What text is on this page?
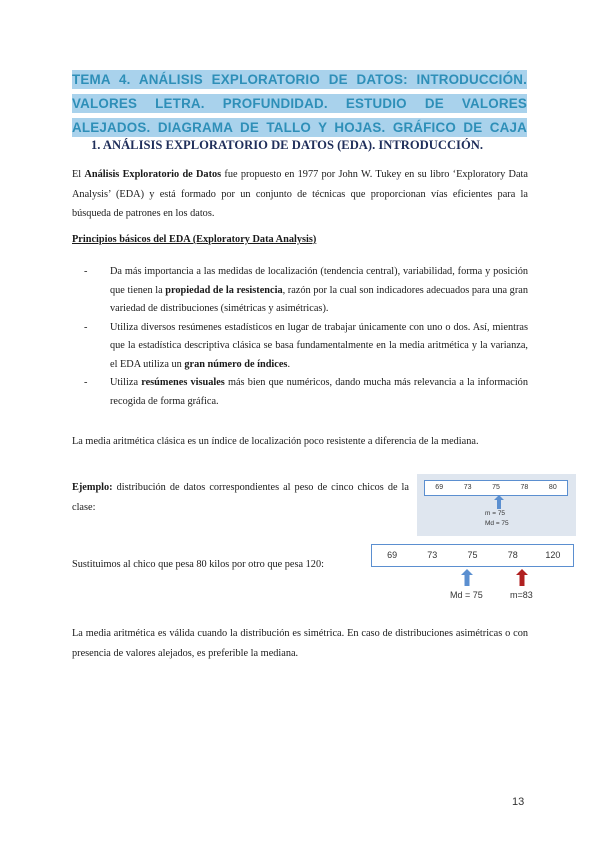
TEMA 4. ANÁLISIS EXPLORATORIO DE DATOS: INTRODUCCIÓN.
VALORES LETRA. PROFUNDIDAD. ESTUDIO DE VALORES
ALEJADOS. DIAGRAMA DE TALLO Y HOJAS. GRÁFICO DE CAJA
1. ANÁLISIS EXPLORATORIO DE DATOS (EDA). INTRODUCCIÓN.
El Análisis Exploratorio de Datos fue propuesto en 1977 por John W. Tukey en su libro ‘Exploratory Data Analysis’ (EDA) y está formado por un conjunto de técnicas que proporcionan vías eficientes para la búsqueda de patrones en los datos.
Principios básicos del EDA (Exploratory Data Analysis)
- Da más importancia a las medidas de localización (tendencia central), variabilidad, forma y posición que tienen la propiedad de la resistencia, razón por la cual son indicadores adecuados para una gran variedad de distribuciones (simétricas y asimétricas).
- Utiliza diversos resúmenes estadísticos en lugar de trabajar únicamente con uno o dos. Así, mientras que la estadística descriptiva clásica se basa fundamentalmente en la media aritmética y la varianza, el EDA utiliza un gran número de índices.
- Utiliza resúmenes visuales más bien que numéricos, dando mucha más relevancia a la información recogida de forma gráfica.
La media aritmética clásica es un índice de localización poco resistente a diferencia de la mediana.
Ejemplo: distribución de datos correspondientes al peso de cinco chicos de la clase:
69	73	75	78	80
m = 75
Md = 75
Sustituimos al chico que pesa 80 kilos por otro que pesa 120:
69	73	75	78	120
Md = 75	m=83
La media aritmética es válida cuando la distribución es simétrica. En caso de distribuciones asimétricas o con presencia de valores alejados, es preferible la mediana.
13
